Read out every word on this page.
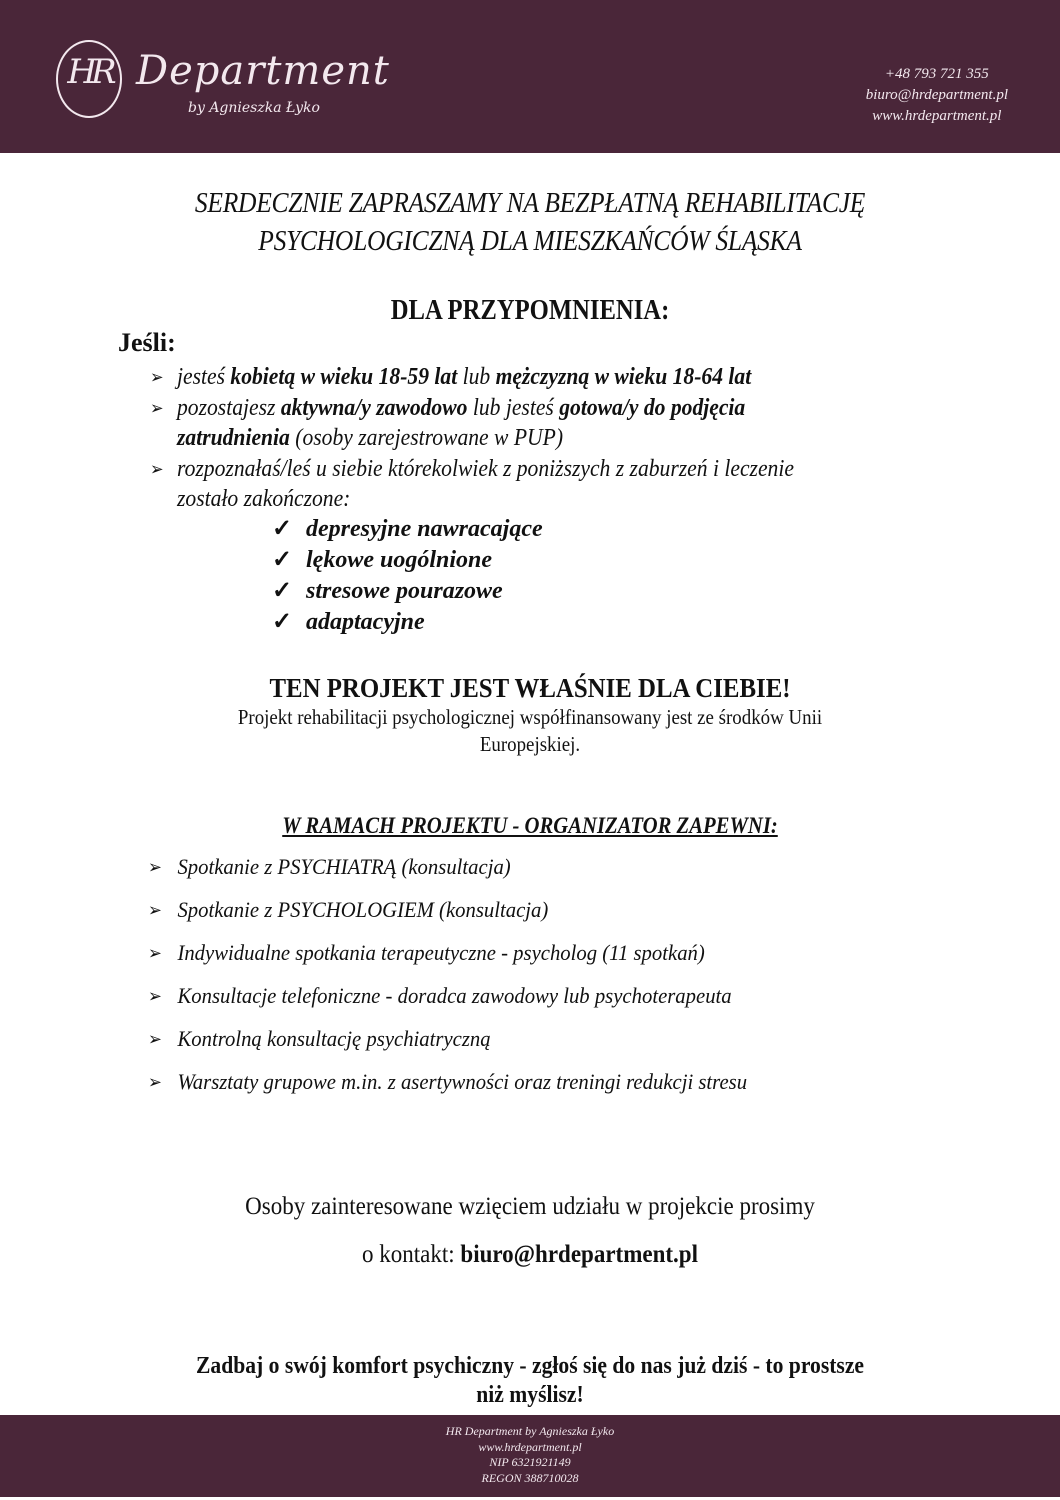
HR Department
by Agnieszka Łyko
+48 793 721 355
biuro@hrdepartment.pl
www.hrdepartment.pl
SERDECZNIE ZAPRASZAMY NA BEZPŁATNĄ REHABILITACJĘ
PSYCHOLOGICZNĄ DLA MIESZKAŃCÓW ŚLĄSKA
DLA PRZYPOMNIENIA:
Jeśli:
➢ jesteś kobietą w wieku 18-59 lat lub mężczyzną w wieku 18-64 lat
➢ pozostajesz aktywna/y zawodowo lub jesteś gotowa/y do podjęcia
zatrudnienia (osoby zarejestrowane w PUP)
➢ rozpoznałaś/leś u siebie którekolwiek z poniższych z zaburzeń i leczenie
zostało zakończone:
✓ depresyjne nawracające
✓ lękowe uogólnione
✓ stresowe pourazowe
✓ adaptacyjne
TEN PROJEKT JEST WŁAŚNIE DLA CIEBIE!
Projekt rehabilitacji psychologicznej współfinansowany jest ze środków Unii
Europejskiej.
W RAMACH PROJEKTU - ORGANIZATOR ZAPEWNI:
➢ Spotkanie z PSYCHIATRĄ (konsultacja)
➢ Spotkanie z PSYCHOLOGIEM (konsultacja)
➢ Indywidualne spotkania terapeutyczne - psycholog (11 spotkań)
➢ Konsultacje telefoniczne - doradca zawodowy lub psychoterapeuta
➢ Kontrolną konsultację psychiatryczną
➢ Warsztaty grupowe m.in. z asertywności oraz treningi redukcji stresu
Osoby zainteresowane wzięciem udziału w projekcie prosimy
o kontakt: biuro@hrdepartment.pl
Zadbaj o swój komfort psychiczny - zgłoś się do nas już dziś - to prostsze
niż myślisz!
HR Department by Agnieszka Łyko
www.hrdepartment.pl
NIP 6321921149
REGON 388710028
